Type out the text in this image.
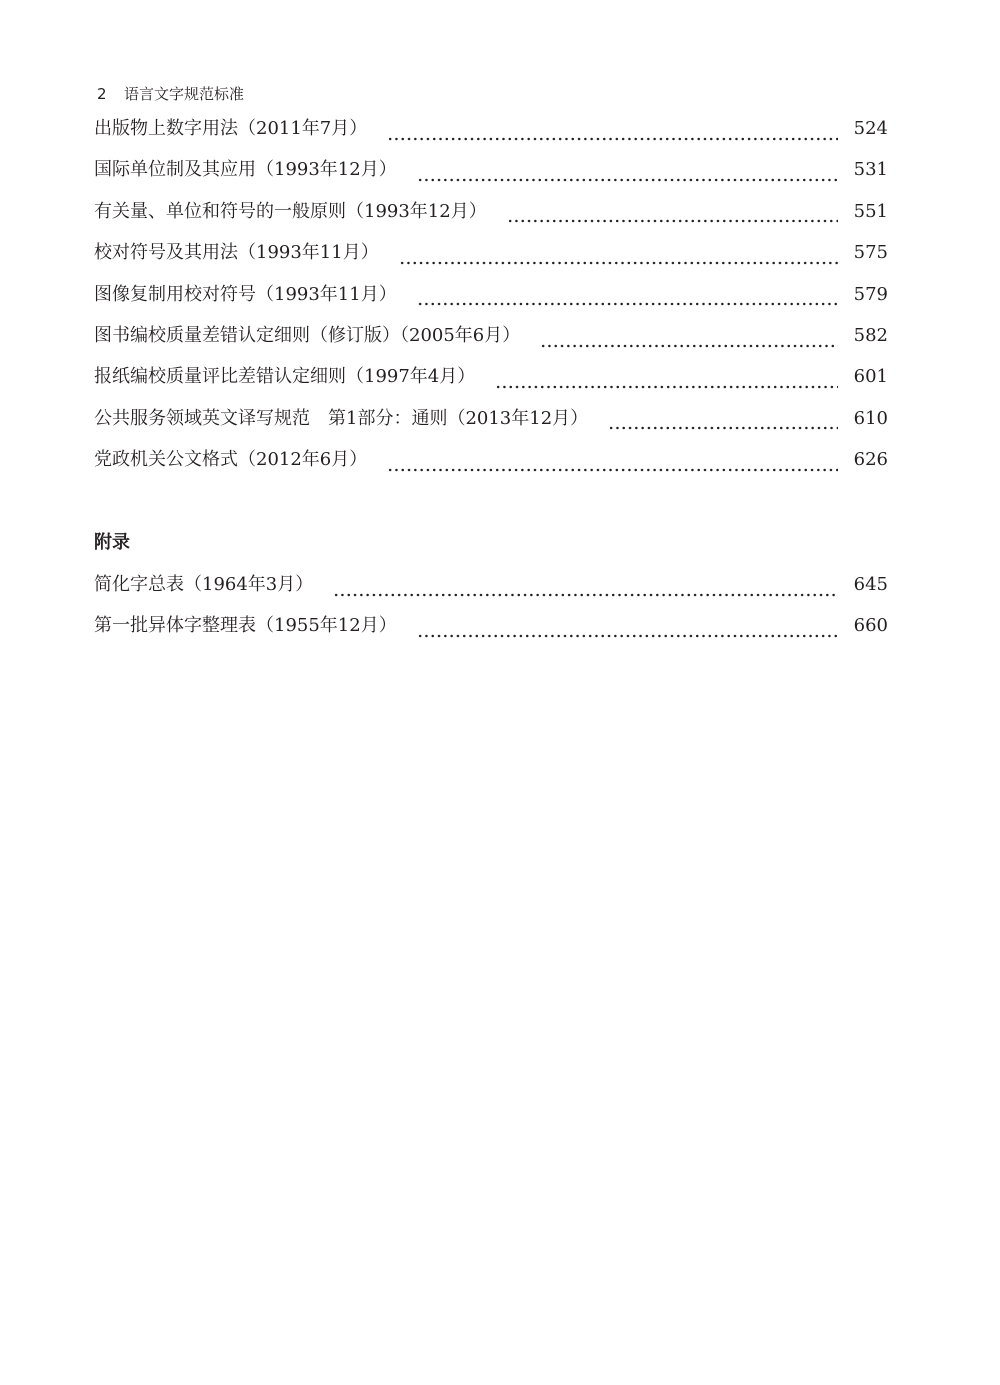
2 语言文字规范标准
出版物上数字用法（2011年7月）	524
国际单位制及其应用（1993年12月）	531
有关量、单位和符号的一般原则（1993年12月）	551
校对符号及其用法（1993年11月）	575
图像复制用校对符号（1993年11月）	579
图书编校质量差错认定细则（修订版）（2005年6月）	582
报纸编校质量评比差错认定细则（1997年4月）	601
公共服务领域英文译写规范　第1部分：通则（2013年12月）	610
党政机关公文格式（2012年6月）	626
附录
简化字总表（1964年3月）	645
第一批异体字整理表（1955年12月）	660
